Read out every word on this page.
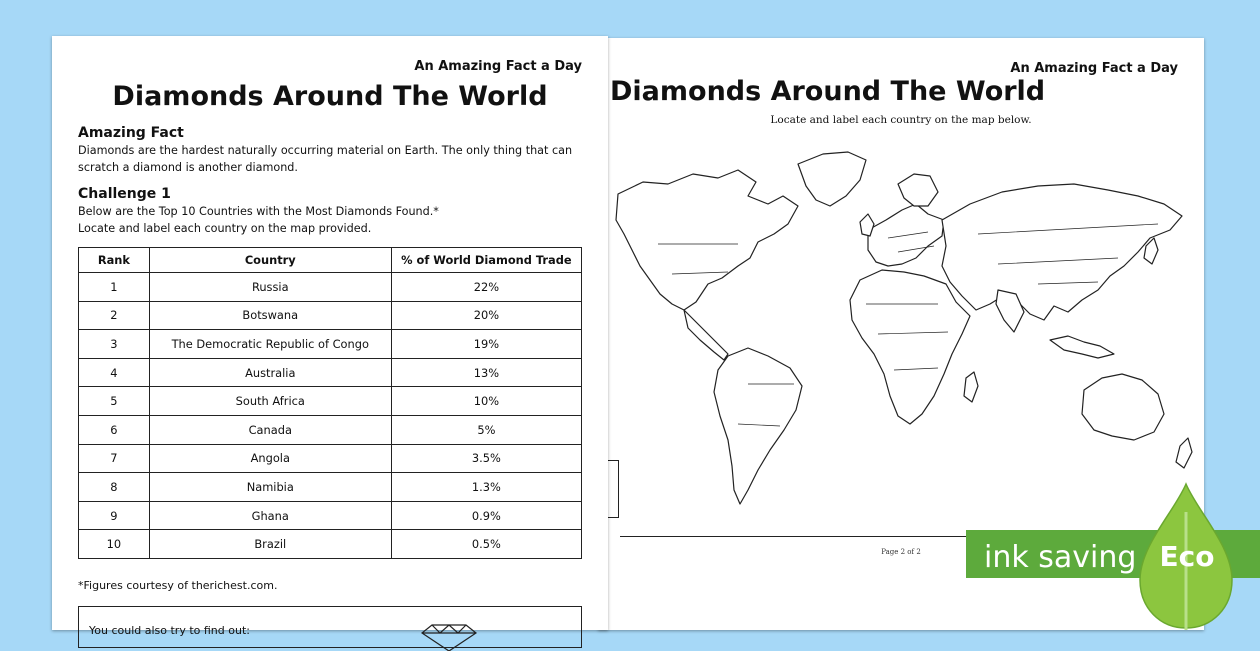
An Amazing Fact a Day
Diamonds Around The World
Locate and label each country on the map below.
Page 2 of 2
An Amazing Fact a Day
Diamonds Around The World
Amazing Fact
Diamonds are the hardest naturally occurring material on Earth. The only thing that can scratch a diamond is another diamond.
Challenge 1
Below are the Top 10 Countries with the Most Diamonds Found.*
Locate and label each country on the map provided.
Rank	Country	% of World Diamond Trade
1	Russia	22%
2	Botswana	20%
3	The Democratic Republic of Congo	19%
4	Australia	13%
5	South Africa	10%
6	Canada	5%
7	Angola	3.5%
8	Namibia	1.3%
9	Ghana	0.9%
10	Brazil	0.5%
*Figures courtesy of therichest.com.
You could also try to find out:
ink saving Eco
